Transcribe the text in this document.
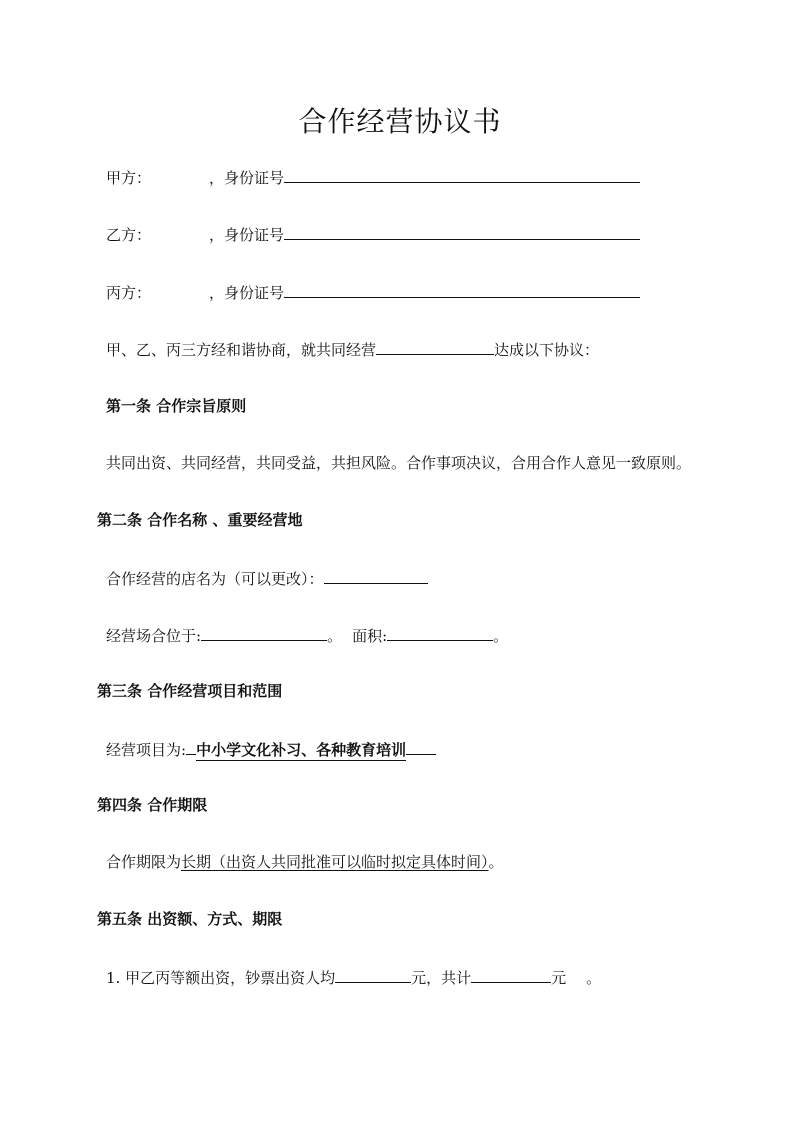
合作经营协议书
甲方：	，身份证号
乙方：	，身份证号
丙方：	，身份证号
甲、乙、丙三方经和谐协商，就共同经营	达成以下协议：
第一条 合作宗旨原则
共同出资、共同经营，共同受益，共担风险。合作事项决议，合用合作人意见一致原则。
第二条 合作名称 、重要经营地
合作经营的店名为（可以更改）：
经营场合位于:	。 面积:	。
第三条 合作经营项目和范围
经营项目为: 中小学文化补习、各种教育培训
第四条 合作期限
合作期限为长期（出资人共同批准可以临时拟定具体时间）。
第五条 出资额、方式、期限
1. 甲乙丙等额出资，钞票出资人均	元，共计	元 。
